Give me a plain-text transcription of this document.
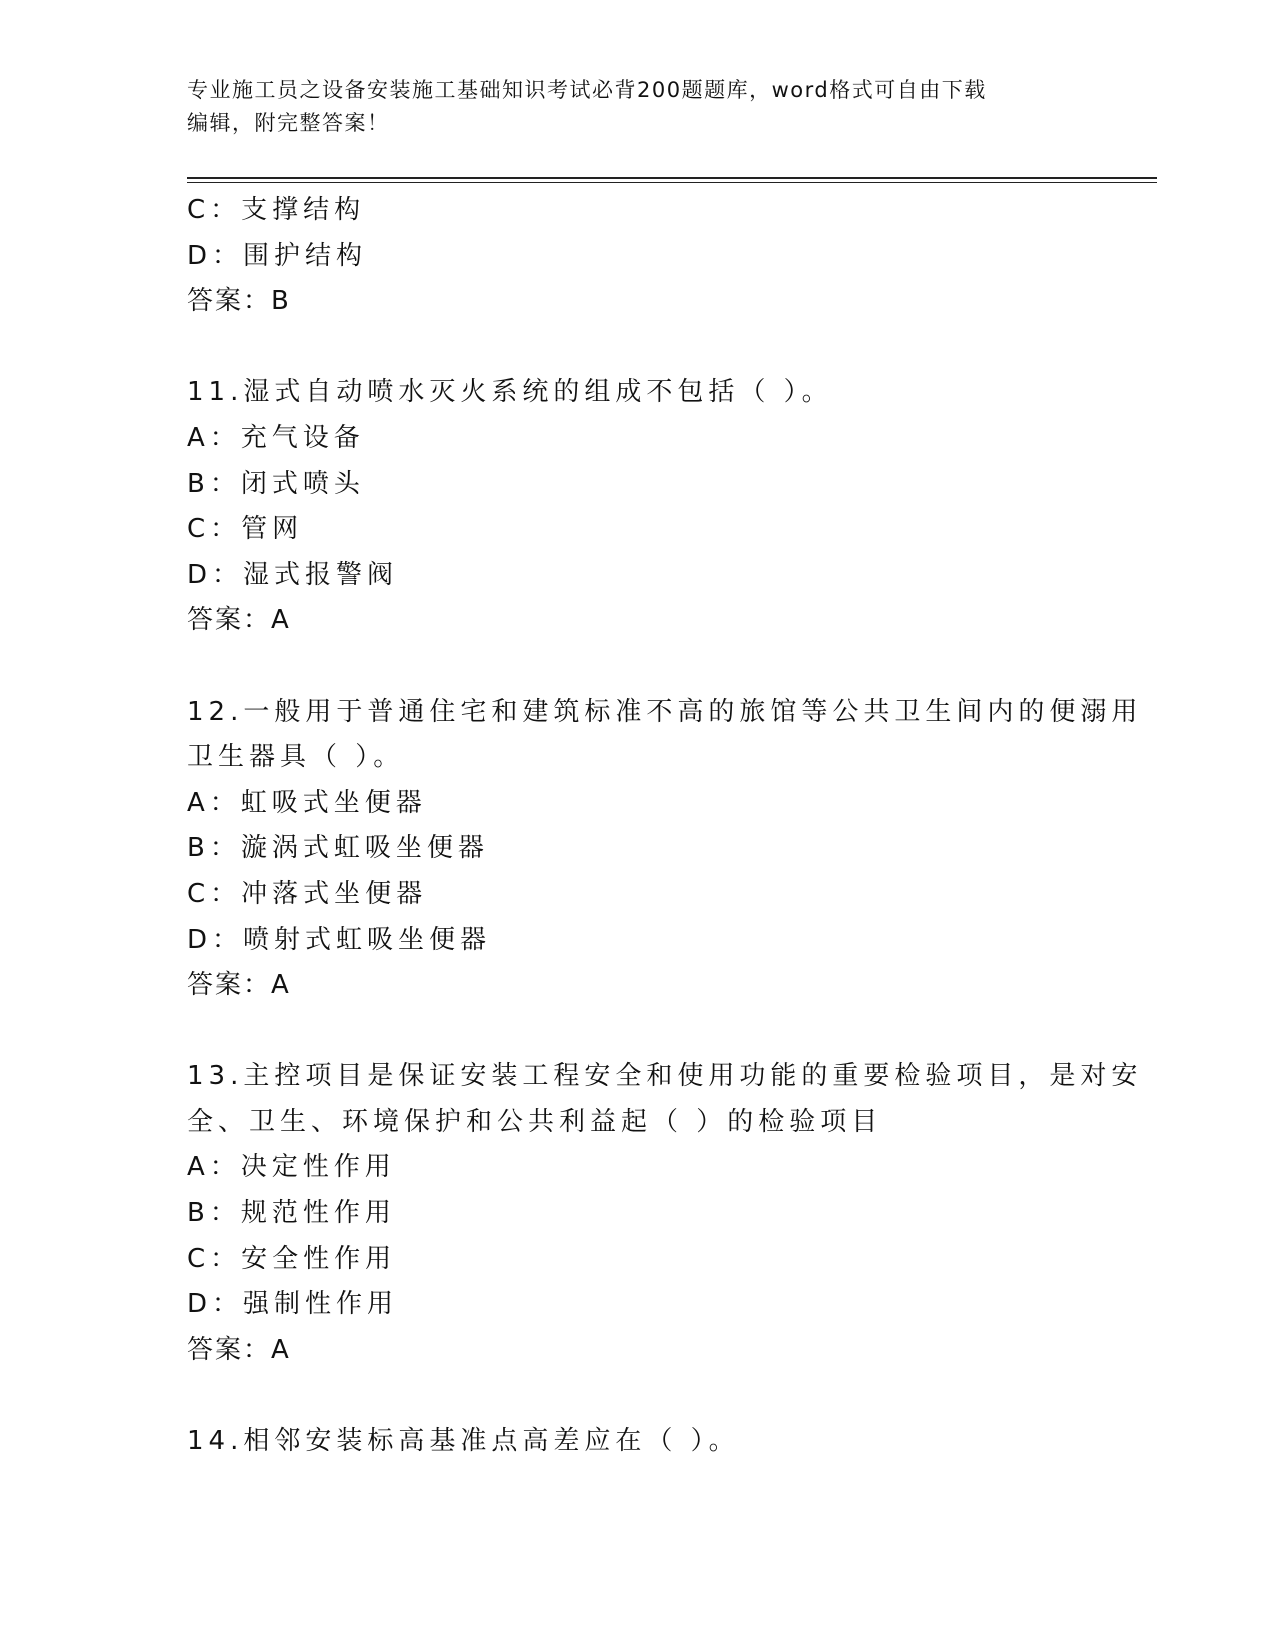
专业施工员之设备安装施工基础知识考试必背200题题库，word格式可自由下载
编辑，附完整答案！
C：支撑结构
D：围护结构
答案：B
11.湿式自动喷水灭火系统的组成不包括（ ）。
A：充气设备
B：闭式喷头
C：管网
D：湿式报警阀
答案：A
12.一般用于普通住宅和建筑标准不高的旅馆等公共卫生间内的便溺用
卫生器具（ ）。
A：虹吸式坐便器
B：漩涡式虹吸坐便器
C：冲落式坐便器
D：喷射式虹吸坐便器
答案：A
13.主控项目是保证安装工程安全和使用功能的重要检验项目，是对安
全、卫生、环境保护和公共利益起（ ）的检验项目
A：决定性作用
B：规范性作用
C：安全性作用
D：强制性作用
答案：A
14.相邻安装标高基准点高差应在（ ）。
